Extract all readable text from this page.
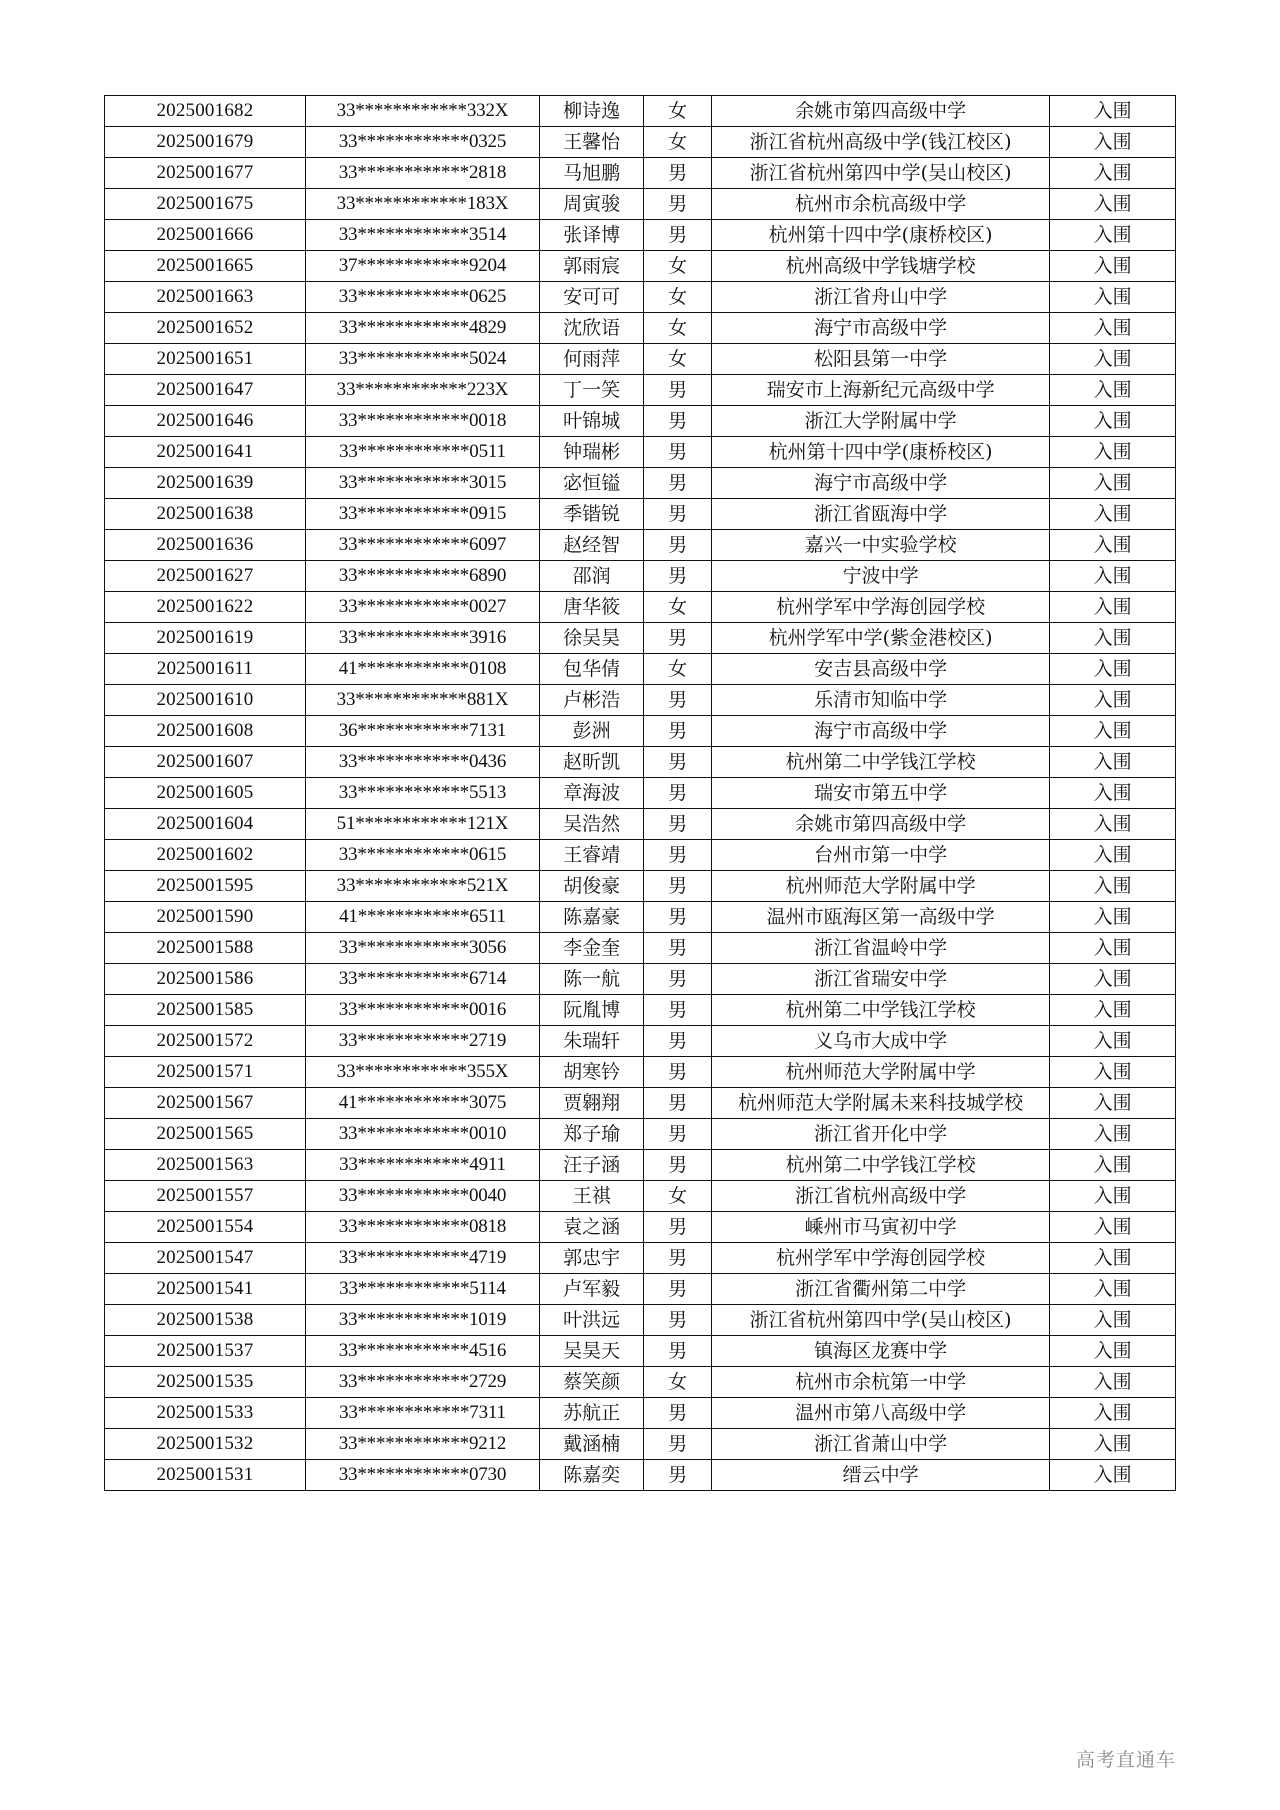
2025001682	33************332X	柳诗逸	女	余姚市第四高级中学	入围
2025001679	33************0325	王馨怡	女	浙江省杭州高级中学(钱江校区)	入围
2025001677	33************2818	马旭鹏	男	浙江省杭州第四中学(吴山校区)	入围
2025001675	33************183X	周寅骏	男	杭州市余杭高级中学	入围
2025001666	33************3514	张译博	男	杭州第十四中学(康桥校区)	入围
2025001665	37************9204	郭雨宸	女	杭州高级中学钱塘学校	入围
2025001663	33************0625	安可可	女	浙江省舟山中学	入围
2025001652	33************4829	沈欣语	女	海宁市高级中学	入围
2025001651	33************5024	何雨萍	女	松阳县第一中学	入围
2025001647	33************223X	丁一笑	男	瑞安市上海新纪元高级中学	入围
2025001646	33************0018	叶锦城	男	浙江大学附属中学	入围
2025001641	33************0511	钟瑞彬	男	杭州第十四中学(康桥校区)	入围
2025001639	33************3015	宓恒镒	男	海宁市高级中学	入围
2025001638	33************0915	季锴锐	男	浙江省瓯海中学	入围
2025001636	33************6097	赵经智	男	嘉兴一中实验学校	入围
2025001627	33************6890	邵润	男	宁波中学	入围
2025001622	33************0027	唐华筱	女	杭州学军中学海创园学校	入围
2025001619	33************3916	徐吴昊	男	杭州学军中学(紫金港校区)	入围
2025001611	41************0108	包华倩	女	安吉县高级中学	入围
2025001610	33************881X	卢彬浩	男	乐清市知临中学	入围
2025001608	36************7131	彭洲	男	海宁市高级中学	入围
2025001607	33************0436	赵昕凯	男	杭州第二中学钱江学校	入围
2025001605	33************5513	章海波	男	瑞安市第五中学	入围
2025001604	51************121X	吴浩然	男	余姚市第四高级中学	入围
2025001602	33************0615	王睿靖	男	台州市第一中学	入围
2025001595	33************521X	胡俊豪	男	杭州师范大学附属中学	入围
2025001590	41************6511	陈嘉豪	男	温州市瓯海区第一高级中学	入围
2025001588	33************3056	李金奎	男	浙江省温岭中学	入围
2025001586	33************6714	陈一航	男	浙江省瑞安中学	入围
2025001585	33************0016	阮胤博	男	杭州第二中学钱江学校	入围
2025001572	33************2719	朱瑞轩	男	义乌市大成中学	入围
2025001571	33************355X	胡寒钤	男	杭州师范大学附属中学	入围
2025001567	41************3075	贾翱翔	男	杭州师范大学附属未来科技城学校	入围
2025001565	33************0010	郑子瑜	男	浙江省开化中学	入围
2025001563	33************4911	汪子涵	男	杭州第二中学钱江学校	入围
2025001557	33************0040	王祺	女	浙江省杭州高级中学	入围
2025001554	33************0818	袁之涵	男	嵊州市马寅初中学	入围
2025001547	33************4719	郭忠宇	男	杭州学军中学海创园学校	入围
2025001541	33************5114	卢军毅	男	浙江省衢州第二中学	入围
2025001538	33************1019	叶洪远	男	浙江省杭州第四中学(吴山校区)	入围
2025001537	33************4516	吴昊天	男	镇海区龙赛中学	入围
2025001535	33************2729	蔡笑颜	女	杭州市余杭第一中学	入围
2025001533	33************7311	苏航正	男	温州市第八高级中学	入围
2025001532	33************9212	戴涵楠	男	浙江省萧山中学	入围
2025001531	33************0730	陈嘉奕	男	缙云中学	入围
高考直通车
